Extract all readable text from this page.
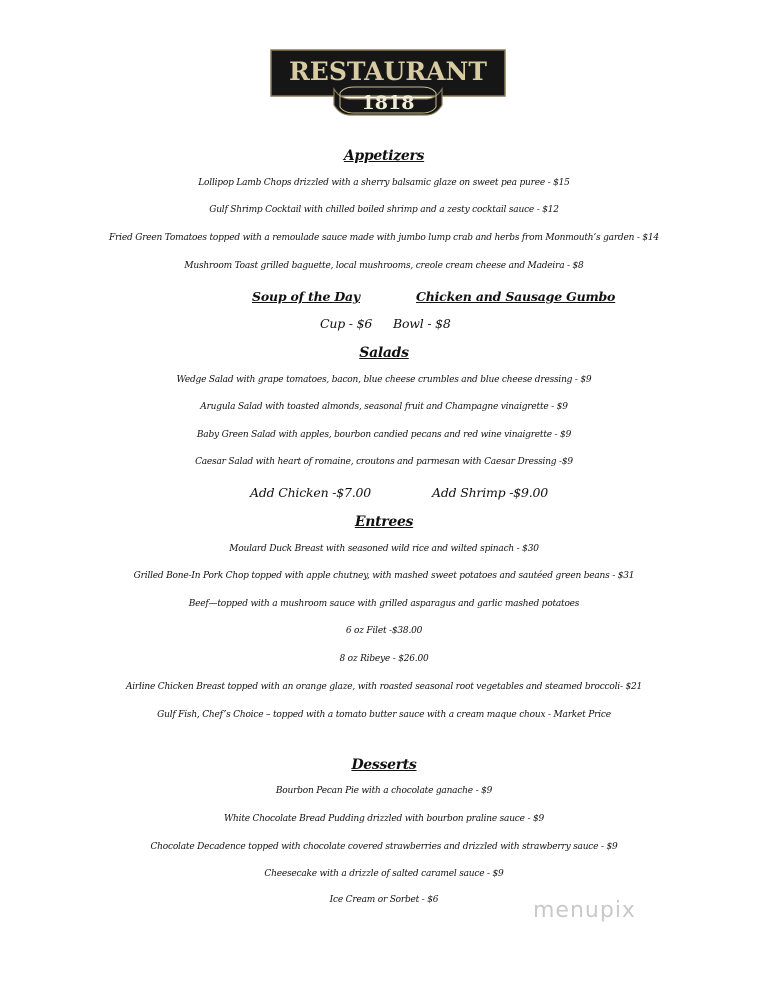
RESTAURANT
1818
Appetizers
Lollipop Lamb Chops drizzled with a sherry balsamic glaze on sweet pea puree - $15
Gulf Shrimp Cocktail with chilled boiled shrimp and a zesty cocktail sauce - $12
Fried Green Tomatoes topped with a remoulade sauce made with jumbo lump crab and herbs from Monmouth’s garden - $14
Mushroom Toast grilled baguette, local mushrooms, creole cream cheese and Madeira - $8
Soup of the Day	Chicken and Sausage Gumbo
Cup - $6 Bowl - $8
Salads
Wedge Salad with grape tomatoes, bacon, blue cheese crumbles and blue cheese dressing - $9
Arugula Salad with toasted almonds, seasonal fruit and Champagne vinaigrette - $9
Baby Green Salad with apples, bourbon candied pecans and red wine vinaigrette - $9
Caesar Salad with heart of romaine, croutons and parmesan with Caesar Dressing -$9
Add Chicken -$7.00	Add Shrimp -$9.00
Entrees
Moulard Duck Breast with seasoned wild rice and wilted spinach - $30
Grilled Bone-In Pork Chop topped with apple chutney, with mashed sweet potatoes and sautéed green beans - $31
Beef—topped with a mushroom sauce with grilled asparagus and garlic mashed potatoes
6 oz Filet -$38.00
8 oz Ribeye - $26.00
Airline Chicken Breast topped with an orange glaze, with roasted seasonal root vegetables and steamed broccoli- $21
Gulf Fish, Chef’s Choice – topped with a tomato butter sauce with a cream maque choux - Market Price
Desserts
Bourbon Pecan Pie with a chocolate ganache - $9
White Chocolate Bread Pudding drizzled with bourbon praline sauce - $9
Chocolate Decadence topped with chocolate covered strawberries and drizzled with strawberry sauce - $9
Cheesecake with a drizzle of salted caramel sauce - $9
Ice Cream or Sorbet - $6	menupix
